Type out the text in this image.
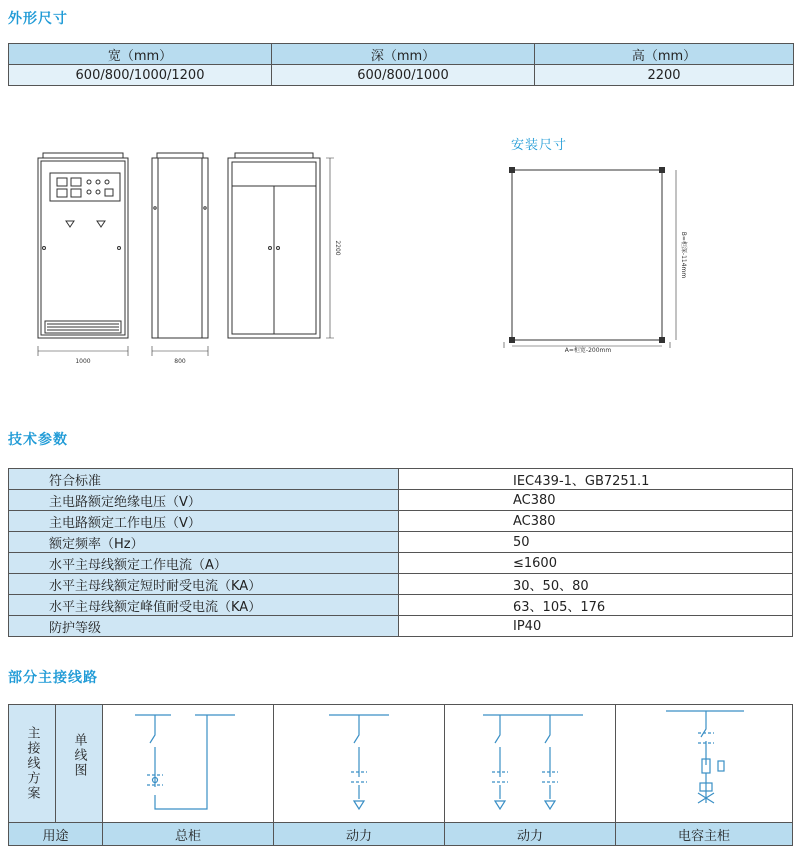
外形尺寸
宽（mm）	深（mm）	高（mm）
600/800/1000/1200	600/800/1000	2200
1000	800
2200
安装尺寸
A=柜宽-200mm
B=柜深-114mm
技术参数
符合标准	IEC439-1、GB7251.1
主电路额定绝缘电压（V）	AC380
主电路额定工作电压（V）	AC380
额定频率（Hz）	50
水平主母线额定工作电流（A）	≤1600
水平主母线额定短时耐受电流（KA）	30、50、80
水平主母线额定峰值耐受电流（KA）	63、105、176
防护等级	IP40
部分主接线路
主接线方案	单线图

用途		总柜	动力	动力	电容主柜
